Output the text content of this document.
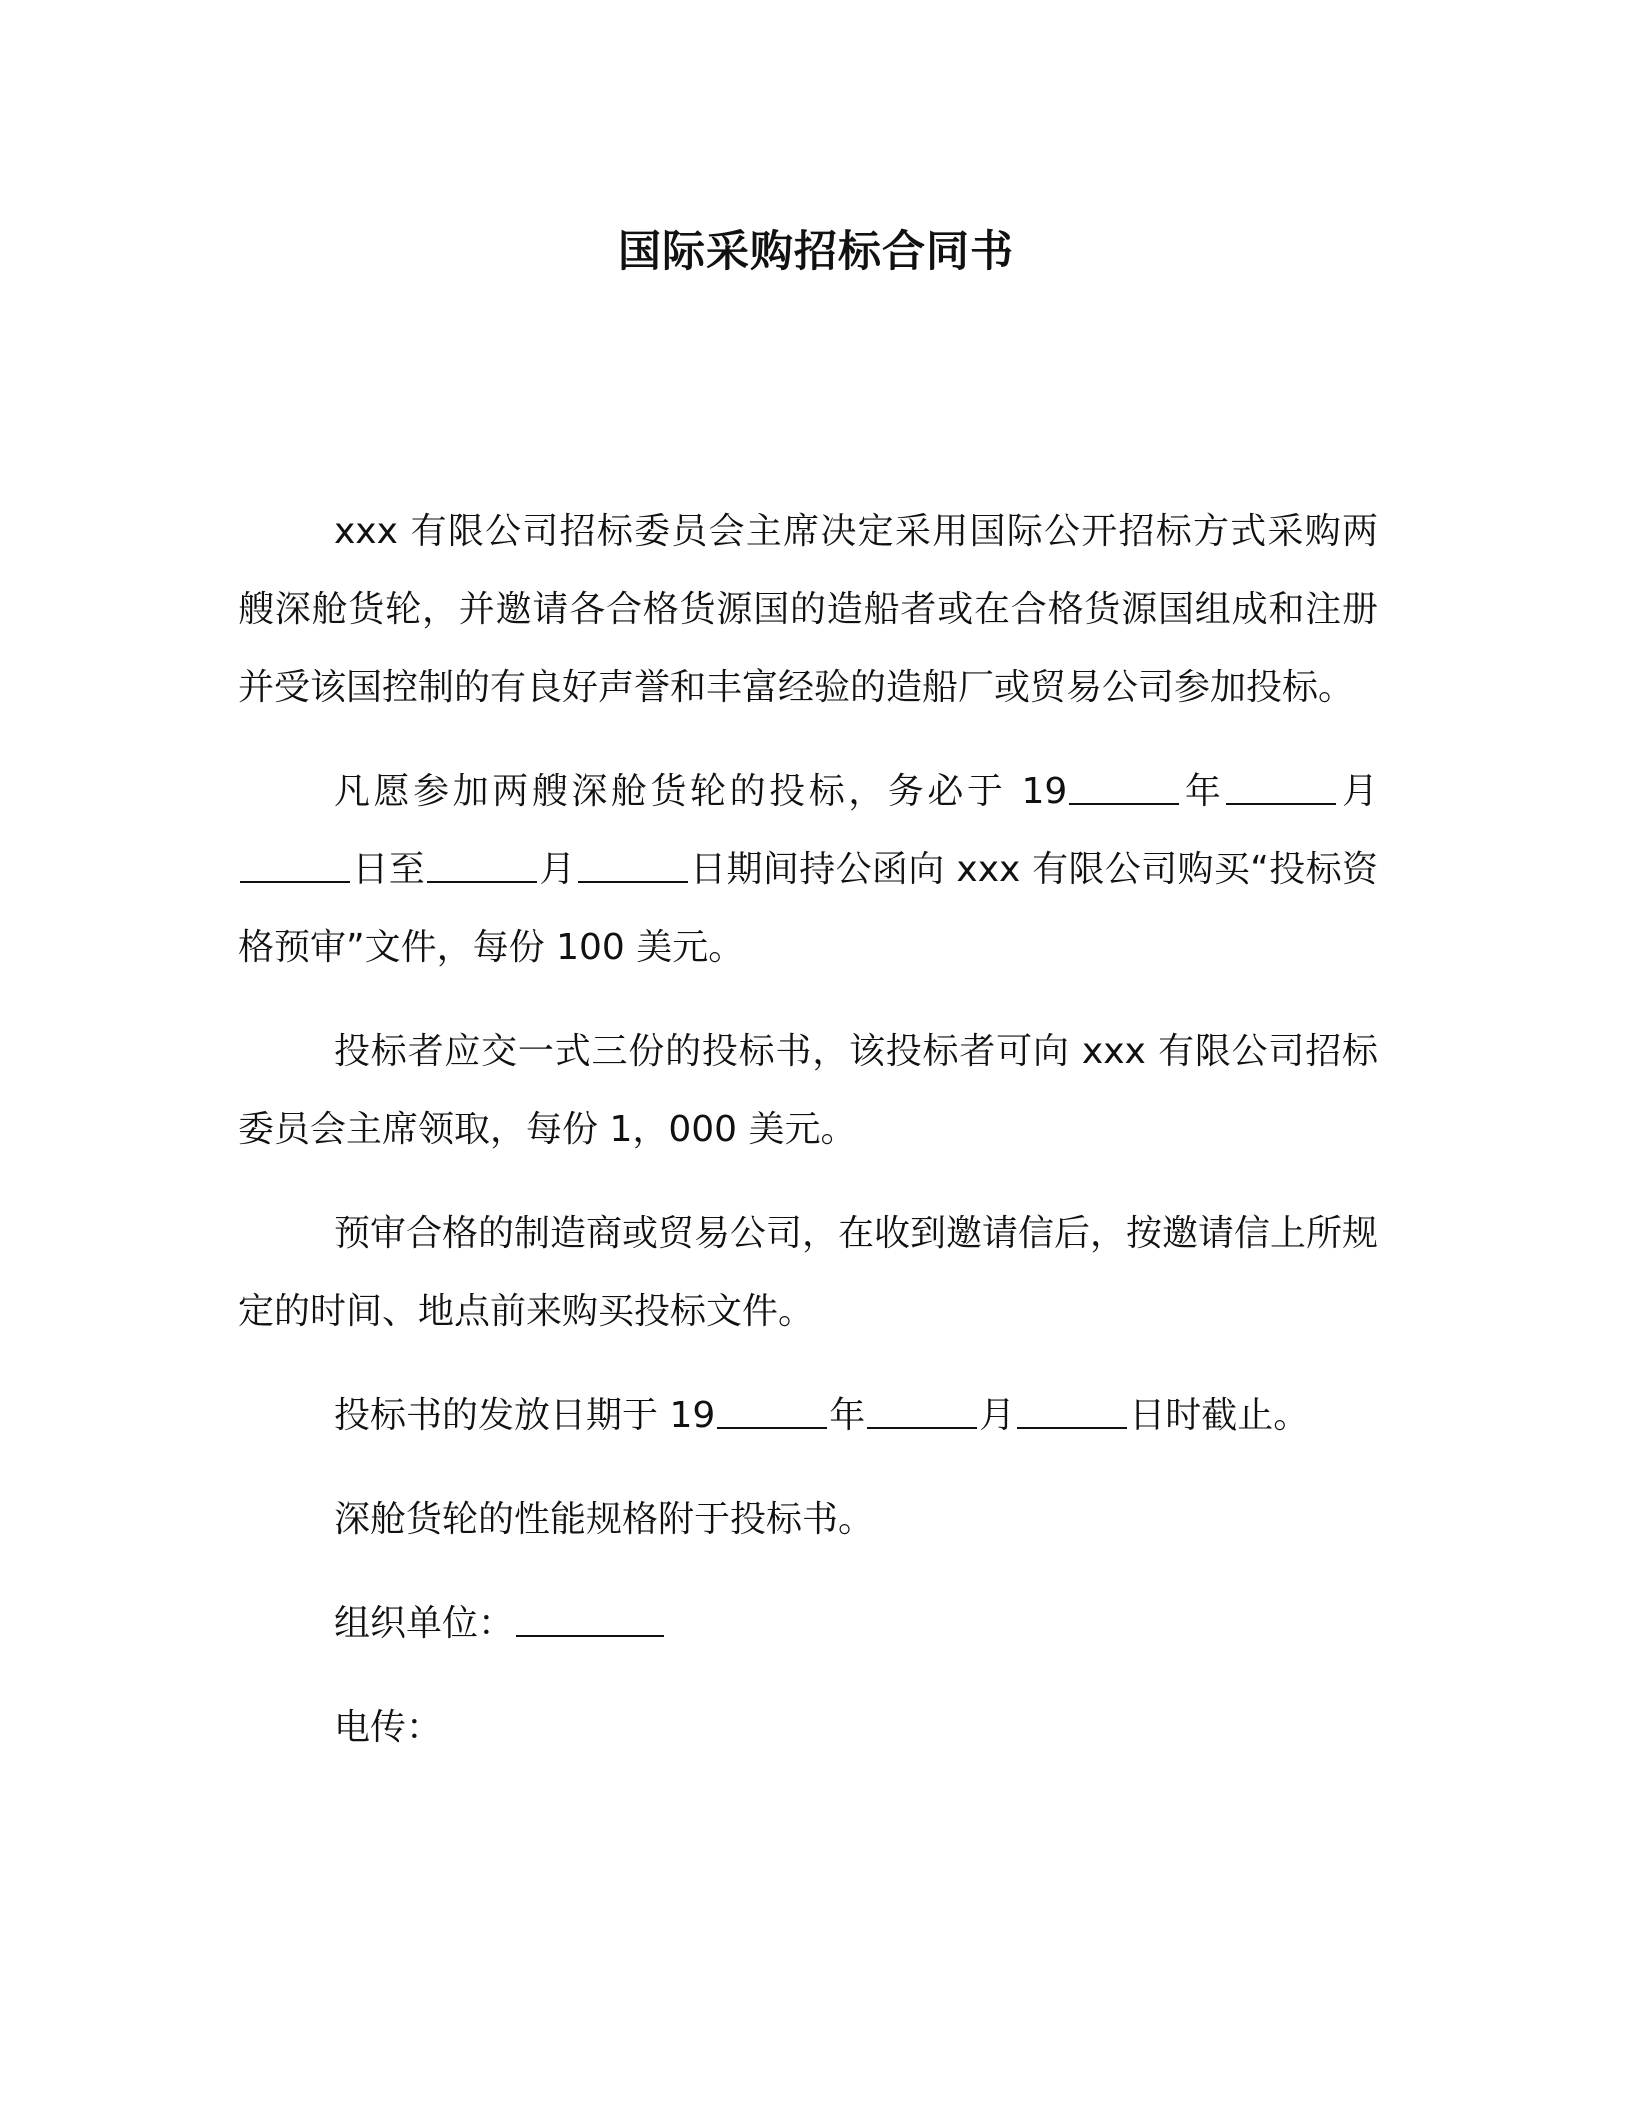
国际采购招标合同书

xxx 有限公司招标委员会主席决定采用国际公开招标方式采购两艘深舱货轮，并邀请各合格货源国的造船者或在合格货源国组成和注册并受该国控制的有良好声誉和丰富经验的造船厂或贸易公司参加投标。

凡愿参加两艘深舱货轮的投标，务必于 19	年	月日至	月	日期间持公函向 xxx 有限公司购买“投标资格预审”文件，每份 100 美元。

投标者应交一式三份的投标书，该投标者可向 xxx 有限公司招标委员会主席领取，每份 1，000 美元。

预审合格的制造商或贸易公司，在收到邀请信后，按邀请信上所规定的时间、地点前来购买投标文件。

投标书的发放日期于 19	年	月	日时截止。

深舱货轮的性能规格附于投标书。

组织单位：

电传：
